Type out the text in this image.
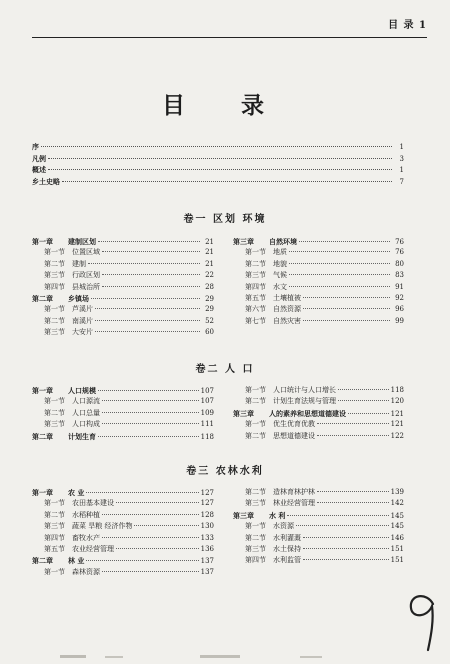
目 录 1
目 录
序	1
凡例	3
概述	1
乡土史略	7
卷一 区划 环境
第一章	建制区划	21
第一节	位置区域	21
第二节	建制	21
第三节	行政区划	22
第四节	县城治所	28
第二章	乡镇场	29
第一节	芦溪片	29
第二节	南溪片	52
第三节	大安片	60
第三章	自然环境	76
第一节	地质	76
第二节	地貌	80
第三节	气候	83
第四节	水文	91
第五节	土壤植被	92
第六节	自然资源	96
第七节	自然灾害	99
卷二 人 口
第一章	人口规模	107
第一节	人口源流	107
第二节	人口总量	109
第三节	人口构成	111
第二章	计划生育	118
第一节	人口统计与人口增长	118
第二节	计划生育法规与管理	120
第三章	人的素养和思想道德建设	121
第一节	优生优育优教	121
第二节	思想道德建设	122
卷三 农林水利
第一章	农 业	127
第一节	农田基本建设	127
第二节	水稻种植	128
第三节	蔬菜 旱粮 经济作物	130
第四节	畜牧水产	133
第五节	农业经营管理	136
第二章	林 业	137
第一节	森林资源	137
第二节	造林育林护林	139
第三节	林业经营管理	142
第三章	水 利	145
第一节	水资源	145
第二节	水利灌溉	146
第三节	水土保持	151
第四节	水利监管	151
